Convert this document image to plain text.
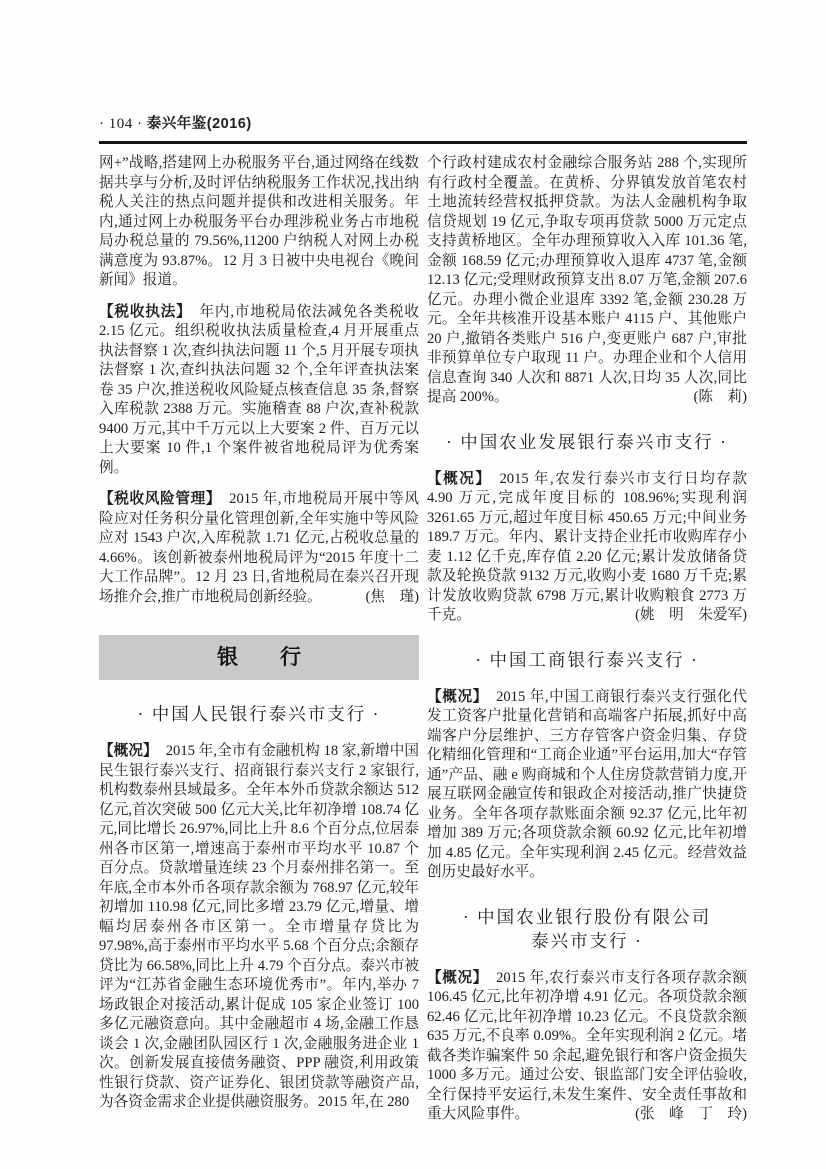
· 104 · 泰兴年鉴(2016)

网+”战略,搭建网上办税服务平台,通过网络在线数据共享与分析,及时评估纳税服务工作状况,找出纳税人关注的热点问题并提供和改进相关服务。年内,通过网上办税服务平台办理涉税业务占市地税局办税总量的 79.56%,11200 户纳税人对网上办税满意度为 93.87%。12 月 3 日被中央电视台《晚间新闻》报道。

【税收执法】 年内,市地税局依法减免各类税收 2.15 亿元。组织税收执法质量检查,4 月开展重点执法督察 1 次,查纠执法问题 11 个,5 月开展专项执法督察 1 次,查纠执法问题 32 个,全年评查执法案卷 35 户次,推送税收风险疑点核查信息 35 条,督察入库税款 2388 万元。实施稽查 88 户次,查补税款 9400 万元,其中千万元以上大要案 2 件、百万元以上大要案 10 件,1 个案件被省地税局评为优秀案例。

【税收风险管理】 2015 年,市地税局开展中等风险应对任务积分量化管理创新,全年实施中等风险应对 1543 户次,入库税款 1.71 亿元,占税收总量的 4.66%。该创新被泰州地税局评为“2015 年度十二大工作品牌”。12 月 23 日,省地税局在泰兴召开现场推介会,推广市地税局创新经验。	(焦　瑾)

银　　行
· 中国人民银行泰兴市支行 ·

【概况】 2015 年,全市有金融机构 18 家,新增中国民生银行泰兴支行、招商银行泰兴支行 2 家银行,机构数泰州县域最多。全年本外币贷款余额达 512 亿元,首次突破 500 亿元大关,比年初净增 108.74 亿元,同比增长 26.97%,同比上升 8.6 个百分点,位居泰州各市区第一,增速高于泰州市平均水平 10.87 个百分点。贷款增量连续 23 个月泰州排名第一。至年底,全市本外币各项存款余额为 768.97 亿元,较年初增加 110.98 亿元,同比多增 23.79 亿元,增量、增幅均居泰州各市区第一。全市增量存贷比为 97.98%,高于泰州市平均水平 5.68 个百分点;余额存贷比为 66.58%,同比上升 4.79 个百分点。泰兴市被评为“江苏省金融生态环境优秀市”。年内,举办 7 场政银企对接活动,累计促成 105 家企业签订 100 多亿元融资意向。其中金融超市 4 场,金融工作恳谈会 1 次,金融团队园区行 1 次,金融服务进企业 1 次。创新发展直接债务融资、PPP 融资,利用政策性银行贷款、资产证券化、银团贷款等融资产品,为各资金需求企业提供融资服务。2015 年,在 280

个行政村建成农村金融综合服务站 288 个,实现所有行政村全覆盖。在黄桥、分界镇发放首笔农村土地流转经营权抵押贷款。为法人金融机构争取信贷规划 19 亿元,争取专项再贷款 5000 万元定点支持黄桥地区。全年办理预算收入入库 101.36 笔,金额 168.59 亿元;办理预算收入退库 4737 笔,金额 12.13 亿元;受理财政预算支出 8.07 万笔,金额 207.6 亿元。办理小微企业退库 3392 笔,金额 230.28 万元。全年共核准开设基本账户 4115 户、其他账户 20 户,撤销各类账户 516 户,变更账户 687 户,审批非预算单位专户取现 11 户。办理企业和个人信用信息查询 340 人次和 8871 人次,日均 35 人次,同比提高 200%。	(陈　莉)

· 中国农业发展银行泰兴市支行 ·

【概况】 2015 年,农发行泰兴市支行日均存款 4.90 万元,完成年度目标的 108.96%;实现利润 3261.65 万元,超过年度目标 450.65 万元;中间业务 189.7 万元。年内、累计支持企业托市收购库存小麦 1.12 亿千克,库存值 2.20 亿元;累计发放储备贷款及轮换贷款 9132 万元,收购小麦 1680 万千克;累计发放收购贷款 6798 万元,累计收购粮食 2773 万千克。	(姚　明　朱爱军)

· 中国工商银行泰兴支行 ·

【概况】 2015 年,中国工商银行泰兴支行强化代发工资客户批量化营销和高端客户拓展,抓好中高端客户分层维护、三方存管客户资金归集、存贷化精细化管理和“工商企业通”平台运用,加大“存管通”产品、融 e 购商城和个人住房贷款营销力度,开展互联网金融宣传和银政企对接活动,推广快捷贷业务。全年各项存款账面余额 92.37 亿元,比年初增加 389 万元;各项贷款余额 60.92 亿元,比年初增加 4.85 亿元。全年实现利润 2.45 亿元。经营效益创历史最好水平。

· 中国农业银行股份有限公司
泰兴市支行 ·

【概况】 2015 年,农行泰兴市支行各项存款余额 106.45 亿元,比年初净增 4.91 亿元。各项贷款余额 62.46 亿元,比年初净增 10.23 亿元。不良贷款余额 635 万元,不良率 0.09%。全年实现利润 2 亿元。堵截各类诈骗案件 50 余起,避免银行和客户资金损失 1000 多万元。通过公安、银监部门安全评估验收,全行保持平安运行,未发生案件、安全责任事故和重大风险事件。	(张　峰　丁　玲)
